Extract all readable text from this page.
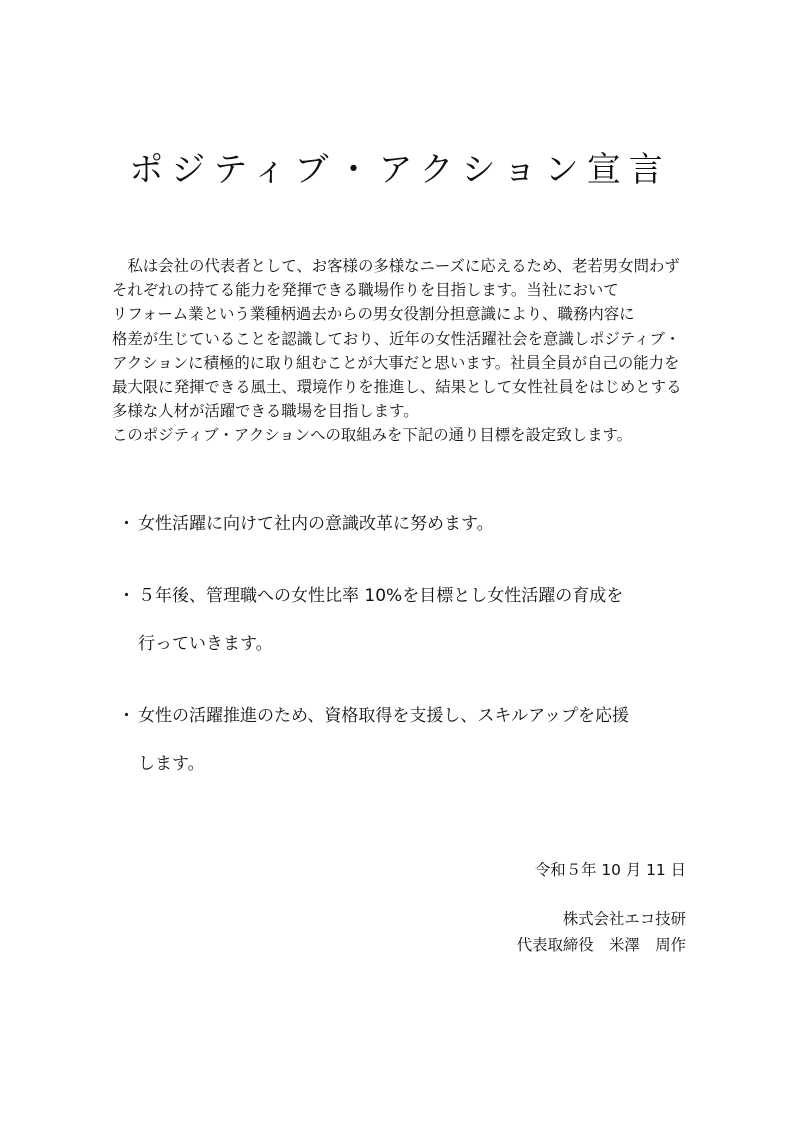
ポジティブ・アクション宣言
　私は会社の代表者として、お客様の多様なニーズに応えるため、老若男女問わず
それぞれの持てる能力を発揮できる職場作りを目指します。当社において
リフォーム業という業種柄過去からの男女役割分担意識により、職務内容に
格差が生じていることを認識しており、近年の女性活躍社会を意識しポジティブ・
アクションに積極的に取り組むことが大事だと思います。社員全員が自己の能力を
最大限に発揮できる風土、環境作りを推進し、結果として女性社員をはじめとする
多様な人材が活躍できる職場を目指します。
このポジティブ・アクションへの取組みを下記の通り目標を設定致します。
・ 女性活躍に向けて社内の意識改革に努めます。
・ ５年後、管理職への女性比率 10%を目標とし女性活躍の育成を
行っていきます。
・ 女性の活躍推進のため、資格取得を支援し、スキルアップを応援
します。
令和５年 10 月 11 日
株式会社エコ技研
代表取締役　米澤　周作
